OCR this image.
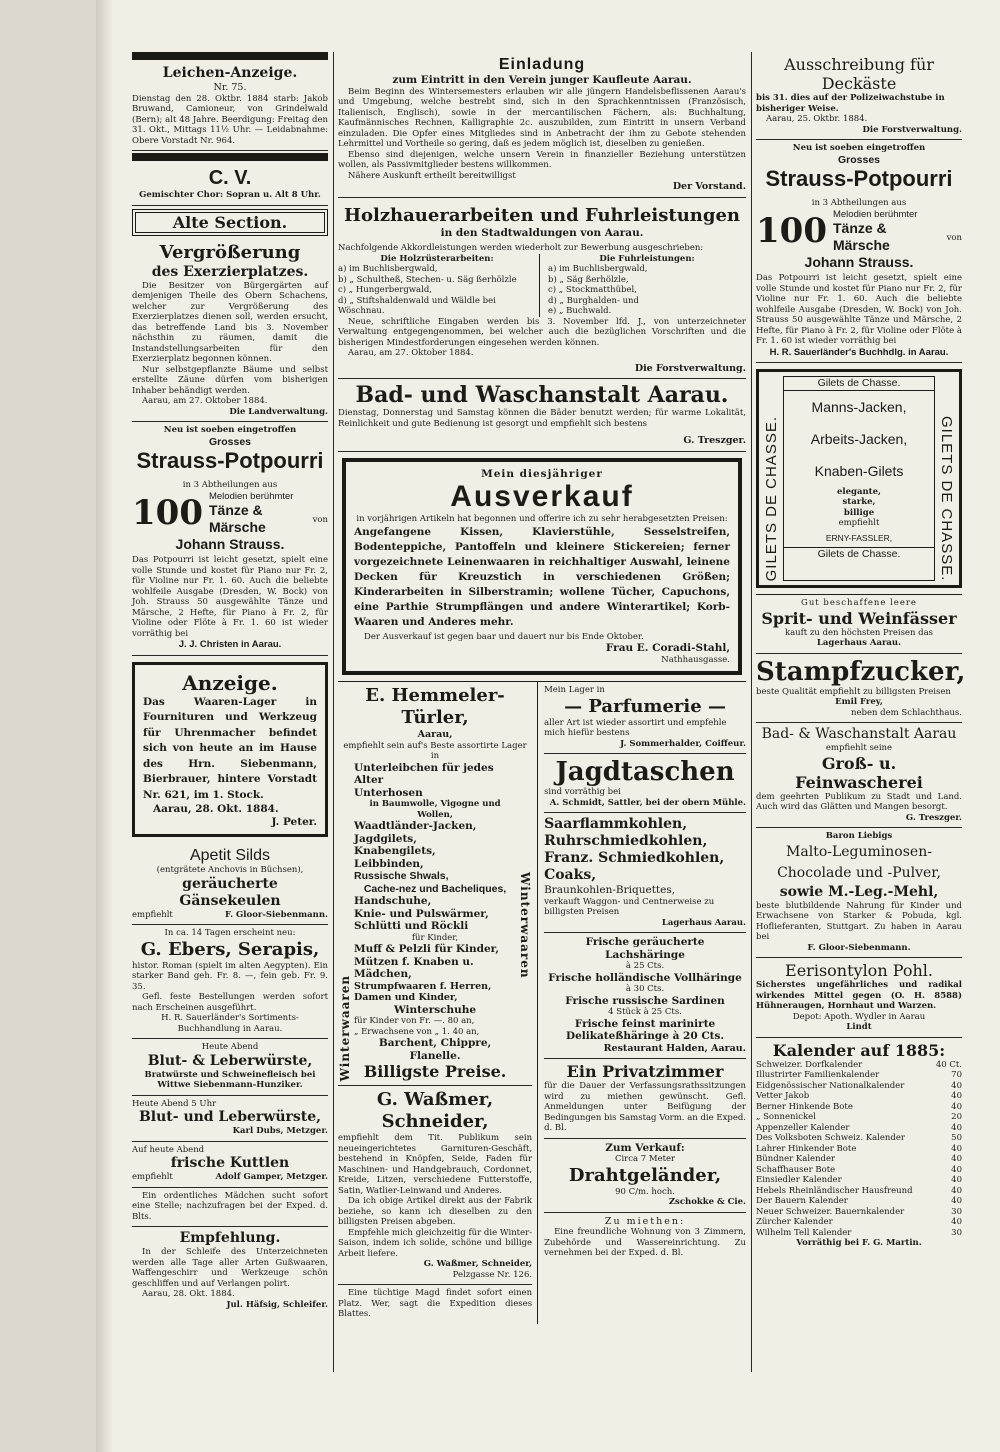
Leichen-Anzeige.
Nr. 75.
Dienstag den 28. Oktbr. 1884 starb: Jakob Bruwand, Camioneur, von Grindelwald (Bern); alt 48 Jahre. Beerdigung: Freitag den 31. Okt., Mittags 11½ Uhr. — Leidabnahme: Obere Vorstadt Nr. 964.
C. V.
Gemischter Chor: Sopran u. Alt 8 Uhr.
Alte Section.
Vergrößerung
des Exerzierplatzes.
Die Besitzer von Bürgergärten auf demjenigen Theile des Obern Schachens, welcher zur Vergrößerung des Exerzierplatzes dienen soll, werden ersucht, das betreffende Land bis 3. November nächsthin zu räumen, damit die Instandstellungsarbeiten für den Exerzierplatz begonnen können.
Nur selbstgepflanzte Bäume und selbst erstellte Zäune dürfen vom bisherigen Inhaber behändigt werden.
Aarau, am 27. Oktober 1884.
Die Landverwaltung.
Neu ist soeben eingetroffen
Grosses
Strauss-Potpourri
in 3 Abtheilungen aus
100 Melodien berühmter
Tänze & Märsche	von
Johann Strauss.
Das Potpourri ist leicht gesetzt, spielt eine volle Stunde und kostet für Piano nur Fr. 2, für Violine nur Fr. 1. 60. Auch die beliebte wohlfeile Ausgabe (Dresden, W. Bock) von Joh. Strauss 50 ausgewählte Tänze und Märsche, 2 Hefte, für Piano à Fr. 2, für Violine oder Flöte à Fr. 1. 60 ist wieder vorräthig bei
J. J. Christen in Aarau.
Anzeige.
Das Waaren-Lager in Fournituren und Werkzeug für Uhrenmacher befindet sich von heute an im Hause des Hrn. Siebenmann, Bierbrauer, hintere Vorstadt Nr. 621, im 1. Stock.
Aarau, 28. Okt. 1884.
J. Peter.
Apetit Silds
(entgrätete Anchovis in Büchsen),
geräucherte Gänsekeulen
empfiehlt	F. Gloor-Siebenmann.
In ca. 14 Tagen erscheint neu:
G. Ebers, Serapis,
histor. Roman (spielt im alten Aegypten). Ein starker Band geh. Fr. 8. —, fein geb. Fr. 9. 35.
Gefl. feste Bestellungen werden sofort nach Erscheinen ausgeführt.
H. R. Sauerländer's Sortiments-Buchhandlung in Aarau.
Heute Abend
Blut- & Leberwürste,
Bratwürste und Schweinefleisch bei Wittwe Siebenmann-Hunziker.
Heute Abend 5 Uhr
Blut- und Leberwürste,
Karl Dubs, Metzger.
Auf heute Abend
frische Kuttlen
empfiehlt	Adolf Gamper, Metzger.
Ein ordentliches Mädchen sucht sofort eine Stelle; nachzufragen bei der Exped. d. Blts.
Empfehlung.
In der Schleife des Unterzeichneten werden alle Tage aller Arten Gußwaaren, Waffengeschirr und Werkzeuge schön geschliffen und auf Verlangen polirt.
Aarau, 28. Okt. 1884.
Jul. Häfsig, Schleifer.
Einladung
zum Eintritt in den Verein junger Kaufleute Aarau.
Beim Beginn des Wintersemesters erlauben wir alle jüngern Handelsbeflissenen Aarau's und Umgebung, welche bestrebt sind, sich in den Sprachkenntnissen (Französisch, Italienisch, Englisch), sowie in der mercantilischen Fächern, als: Buchhaltung, Kaufmännisches Rechnen, Kalligraphie 2c. auszubilden, zum Eintritt in unsern Verband einzuladen. Die Opfer eines Mitgliedes sind in Anbetracht der ihm zu Gebote stehenden Lehrmittel und Vortheile so gering, daß es jedem möglich ist, dieselben zu genießen.
Ebenso sind diejenigen, welche unsern Verein in finanzieller Beziehung unterstützen wollen, als Passivmitglieder bestens willkommen.
Nähere Auskunft ertheilt bereitwilligst
Der Vorstand.
Holzhauerarbeiten und Fuhrleistungen
in den Stadtwaldungen von Aarau.
Nachfolgende Akkordleistungen werden wiederholt zur Bewerbung ausgeschrieben:
Die Holzrüsterarbeiten:
a) im Buchlisbergwald,
b) „ Schultheß, Stechen- u. Säg ßerhölzle
c) „ Hungerbergwald,
d) „ Stiftshaldenwald und Wäldle bei Wöschnau.
Die Fuhrleistungen:
a) im Buchlisbergwald,
b) „ Säg ßerhölzle,
c) „ Stockmatthübel,
d) „ Burghalden- und
e) „ Buchwald.
Neue, schriftliche Eingaben werden bis 3. November lfd. J., von unterzeichneter Verwaltung entgegengenommen, bei welcher auch die bezüglichen Vorschriften und die bisherigen Mindestforderungen eingesehen werden können.
Aarau, am 27. Oktober 1884.
Die Forstverwaltung.
Bad- und Waschanstalt Aarau.
Dienstag, Donnerstag und Samstag können die Bäder benutzt werden; für warme Lokalität, Reinlichkeit und gute Bedienung ist gesorgt und empfiehlt sich bestens
G. Treszger.
Mein diesjähriger
Ausverkauf
in vorjährigen Artikeln hat begonnen und offerire ich zu sehr herabgesetzten Preisen:
Angefangene Kissen, Klavierstühle, Sesselstreifen, Bodenteppiche, Pantoffeln und kleinere Stickereien; ferner vorgezeichnete Leinenwaaren in reichhaltiger Auswahl, leinene Decken für Kreuzstich in verschiedenen Größen; Kinderarbeiten in Silberstramin; wollene Tücher, Capuchons, eine Parthie Strumpflängen und andere Winterartikel; Korb-Waaren und Anderes mehr.
Der Ausverkauf ist gegen baar und dauert nur bis Ende Oktober.
Frau E. Coradi-Stahl,
Nathhausgasse.
E. Hemmeler-Türler,
Aarau,
empfiehlt sein auf's Beste assortirte Lager in
Winterwaaren
Unterleibchen für jedes Alter
Unterhosen
in Baumwolle, Vigogne und Wollen,
Waadtländer-Jacken,
Jagdgilets,
Knabengilets,
Leibbinden,
Russische Shwals,
Cache-nez und Bacheliques,
Handschuhe,
Knie- und Pulswärmer,
Schlütti und Röckli
für Kinder,
Muff & Pelzli für Kinder,
Mützen f. Knaben u. Mädchen,
Strumpfwaaren f. Herren, Damen und Kinder,
Winterschuhe
für Kinder von Fr. —. 80 an,
„ Erwachsene von „ 1. 40 an,
Barchent, Chippre, Flanelle.
Billigste Preise.
Winterwaaren
G. Waßmer, Schneider,
empfiehlt dem Tit. Publikum sein neueingerichtetes Garnituren-Geschäft, bestehend in Knöpfen, Seide, Faden für Maschinen- und Handgebrauch, Cordonnet, Kreide, Litzen, verschiedene Futterstoffe, Satin, Watlier-Leinwand und Anderes.
Da ich obige Artikel direkt aus der Fabrik beziehe, so kann ich dieselben zu den billigsten Preisen abgeben.
Empfehle mich gleichzeitig für die Winter-Saison, indem ich solide, schöne und billige Arbeit liefere.
G. Waßmer, Schneider,
Pelzgasse Nr. 126.
Eine tüchtige Magd findet sofort einen Platz. Wer, sagt die Expedition dieses Blattes.
Mein Lager in
— Parfumerie —
aller Art ist wieder assortirt und empfehle mich hiefür bestens
J. Sommerhalder, Coiffeur.
Jagdtaschen
sind vorräthig bei
A. Schmidt, Sattler, bei der obern Mühle.
Saarflammkohlen,
Ruhrschmiedkohlen,
Franz. Schmiedkohlen,
Coaks,
Braunkohlen-Briquettes,
verkauft Waggon- und Centnerweise zu billigsten Preisen
Lagerhaus Aarau.
Frische geräucherte Lachshäringe
à 25 Cts.
Frische holländische Vollhäringe
à 30 Cts.
Frische russische Sardinen
4 Stück à 25 Cts.
Frische feinst marinirte Delikateßhäringe à 20 Cts.
Restaurant Halden, Aarau.
Ein Privatzimmer
für die Dauer der Verfassungsrathssitzungen wird zu miethen gewünscht. Gefl. Anmeldungen unter Beifügung der Bedingungen bis Samstag Vorm. an die Exped. d. Bl.
Zum Verkauf:
Circa 7 Meter
Drahtgeländer,
90 C/m. hoch.
Zschokke & Cie.
Zu miethen:
Eine freundliche Wohnung von 3 Zimmern, Zubehörde und Wassereinrichtung. Zu vernehmen bei der Exped. d. Bl.
Ausschreibung für Deckäste
bis 31. dies auf der Polizeiwachstube in bisheriger Weise.
Aarau, 25. Oktbr. 1884.
Die Forstverwaltung.
Neu ist soeben eingetroffen
Grosses
Strauss-Potpourri
in 3 Abtheilungen aus
100 Melodien berühmter
Tänze & Märsche	von
Johann Strauss.
Das Potpourri ist leicht gesetzt, spielt eine volle Stunde und kostet für Piano nur Fr. 2, für Violine nur Fr. 1. 60. Auch die beliebte wohlfeile Ausgabe (Dresden, W. Bock) von Joh. Strauss 50 ausgewählte Tänze und Märsche, 2 Hefte, für Piano à Fr. 2, für Violine oder Flöte à Fr. 1. 60 ist wieder vorräthig bei
H. R. Sauerländer's Buchhdlg. in Aarau.
GILETS DE CHASSE.
Gilets de Chasse.
Manns-Jacken,
Arbeits-Jacken,
Knaben-Gilets
elegante,
starke,
billige
empfiehlt
ERNY-FASSLER,
Gilets de Chasse.	GILETS DE CHASSE.
Gut beschaffene leere
Sprit- und Weinfässer
kauft zu den höchsten Preisen das
Lagerhaus Aarau.
Stampfzucker,
beste Qualität empfiehlt zu billigsten Preisen
Emil Frey,
neben dem Schlachthaus.
Bad- & Waschanstalt Aarau
empfiehlt seine
Groß- u. Feinwascherei
dem geehrten Publikum zu Stadt und Land. Auch wird das Glätten und Mangen besorgt.
G. Treszger.
Baron Liebigs
Malto-Leguminosen-Chocolade und -Pulver,
sowie M.-Leg.-Mehl,
beste blutbildende Nahrung für Kinder und Erwachsene von Starker & Pobuda, kgl. Hoflieferanten, Stuttgart. Zu haben in Aarau bei
F. Gloor-Siebenmann.
Eerisontylon Pohl.
Sicherstes ungefährliches und radikal wirkendes Mittel gegen (O. H. 8588) Hühneraugen, Hornhaut und Warzen.
Depot: Apoth. Wydler in Aarau
Lindt
Kalender auf 1885:
Schweizer. Dorfkalender	40 Ct.
Illustrirter Familienkalender	70
Eidgenössischer Nationalkalender	40
Vetter Jakob	40
Berner Hinkende Bote	40
„ Sonnenickel	20
Appenzeller Kalender	40
Des Volksboten Schweiz. Kalender	50
Lahrer Hinkender Bote	40
Bündner Kalender	40
Schaffhauser Bote	40
Einsiedler Kalender	40
Hebels Rheinländischer Hausfreund	40
Der Bauern Kalender	40
Neuer Schweizer. Bauernkalender	30
Zürcher Kalender	40
Wilhelm Tell Kalender	30
Vorräthig bei F. G. Martin.
